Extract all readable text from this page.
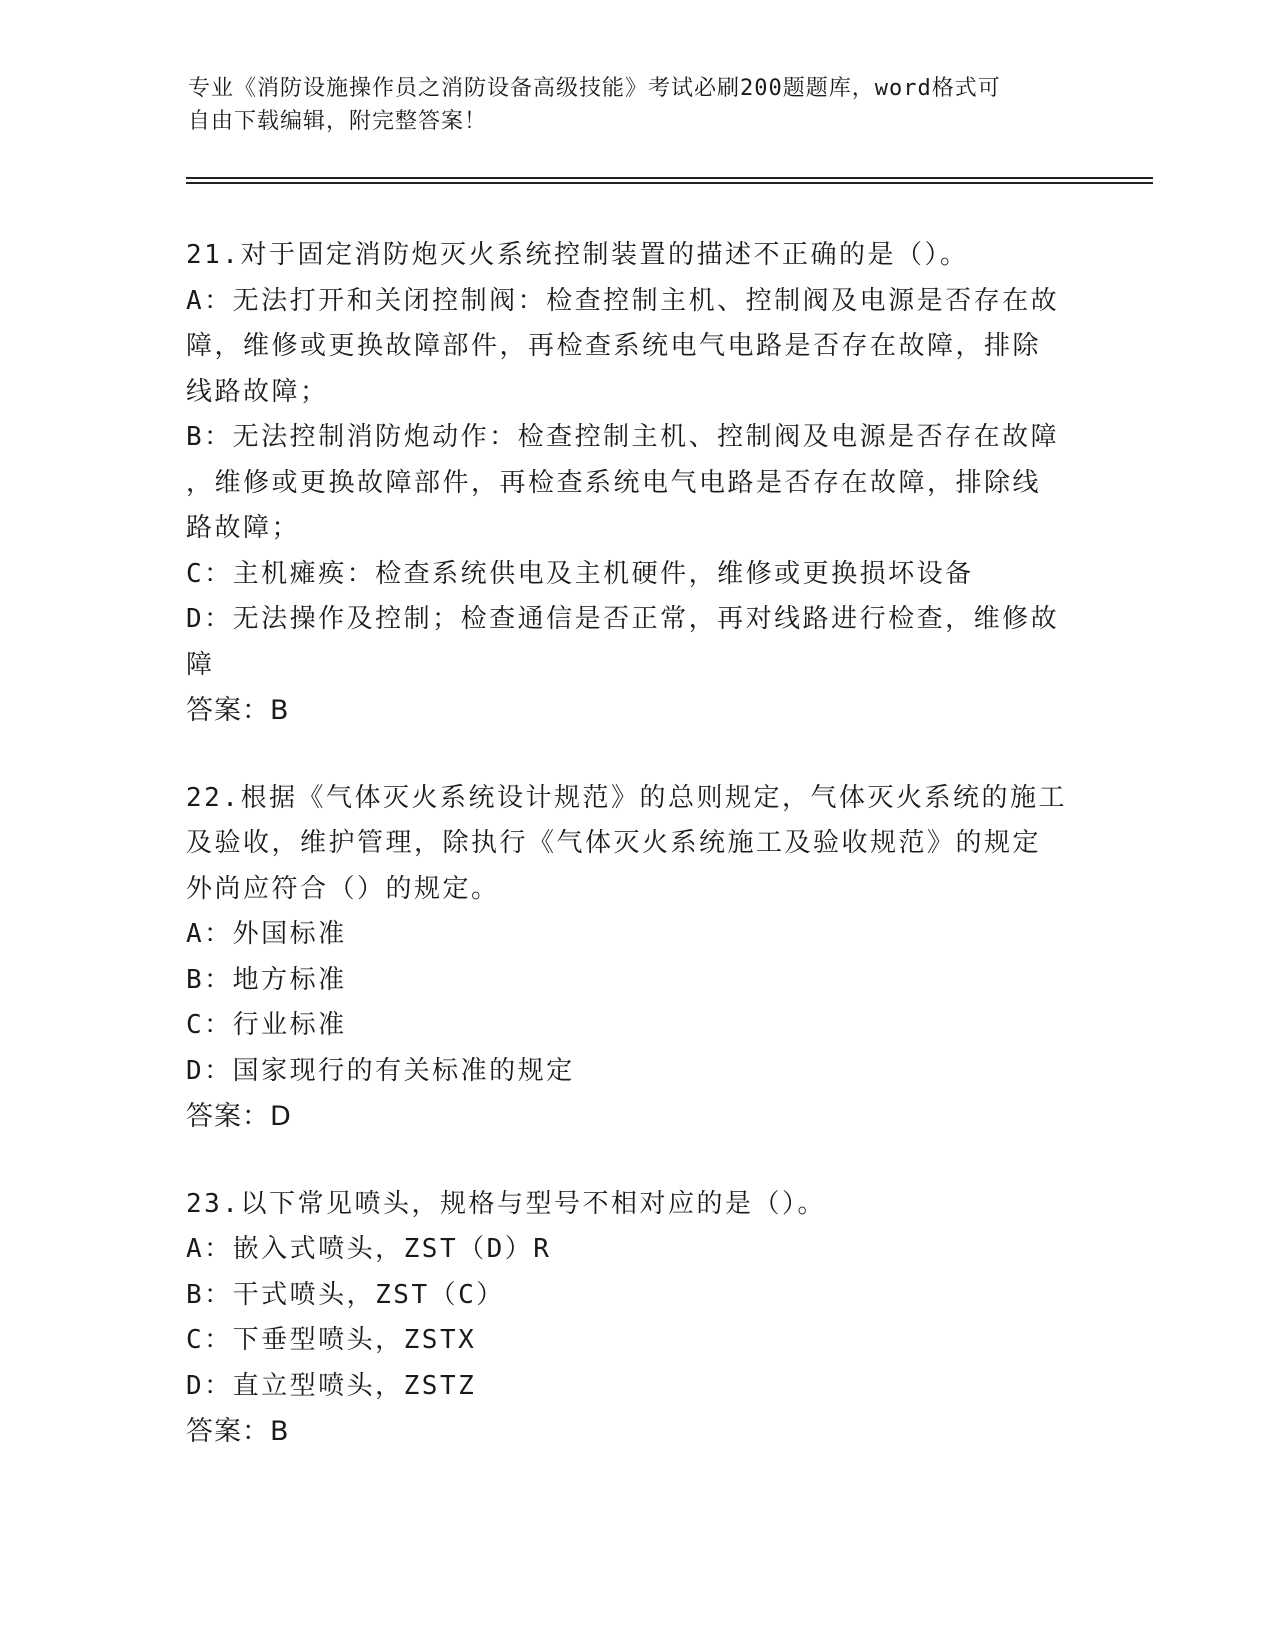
专业《消防设施操作员之消防设备高级技能》考试必刷200题题库，word格式可
自由下载编辑，附完整答案！
21.对于固定消防炮灭火系统控制装置的描述不正确的是（）。
A：无法打开和关闭控制阀：检查控制主机、控制阀及电源是否存在故
障，维修或更换故障部件，再检查系统电气电路是否存在故障，排除
线路故障；
B：无法控制消防炮动作：检查控制主机、控制阀及电源是否存在故障
，维修或更换故障部件，再检查系统电气电路是否存在故障，排除线
路故障；
C：主机瘫痪：检查系统供电及主机硬件，维修或更换损坏设备
D：无法操作及控制；检查通信是否正常，再对线路进行检查，维修故
障
答案：B
22.根据《气体灭火系统设计规范》的总则规定，气体灭火系统的施工
及验收，维护管理，除执行《气体灭火系统施工及验收规范》的规定
外尚应符合（）的规定。
A：外国标准
B：地方标准
C：行业标准
D：国家现行的有关标准的规定
答案：D
23.以下常见喷头，规格与型号不相对应的是（）。
A：嵌入式喷头，ZST（D）R
B：干式喷头，ZST（C）
C：下垂型喷头，ZSTX
D：直立型喷头，ZSTZ
答案：B
